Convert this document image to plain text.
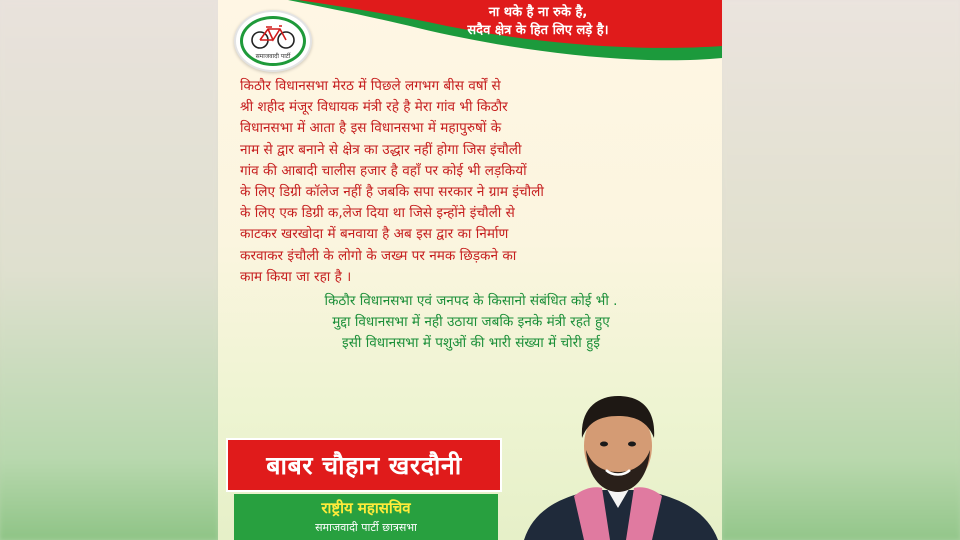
ना थके है ना रुके है,
सदैव क्षेत्र के हित लिए लड़े है।
समाजवादी पार्टी
किठौर विधानसभा मेरठ में पिछले लगभग बीस वर्षों से
श्री शहीद मंजूर विधायक मंत्री रहे है मेरा गांव भी किठौर
विधानसभा में आता है इस विधानसभा में महापुरुषों के
नाम से द्वार बनाने से क्षेत्र का उद्धार नहीं होगा जिस इंचौली
गांव की आबादी चालीस हजार है वहाँ पर कोई भी लड़कियों
के लिए डिग्री कॉलेज नहीं है जबकि सपा सरकार ने ग्राम इंचौली
के लिए एक डिग्री क,लेज दिया था जिसे इन्होंने इंचौली से
काटकर खरखोदा में बनवाया है अब इस द्वार का निर्माण
करवाकर इंचौली के लोगो के जख्म पर नमक छिड़कने का
काम किया जा रहा है ।
किठौर विधानसभा एवं जनपद के किसानो संबंधित कोई भी .
मुद्दा विधानसभा में नही उठाया जबकि इनके मंत्री रहते हुए
इसी विधानसभा में पशुओं की भारी संख्या में चोरी हुई
बाबर चौहान खरदौनी
राष्ट्रीय महासचिव
समाजवादी पार्टी छात्रसभा
